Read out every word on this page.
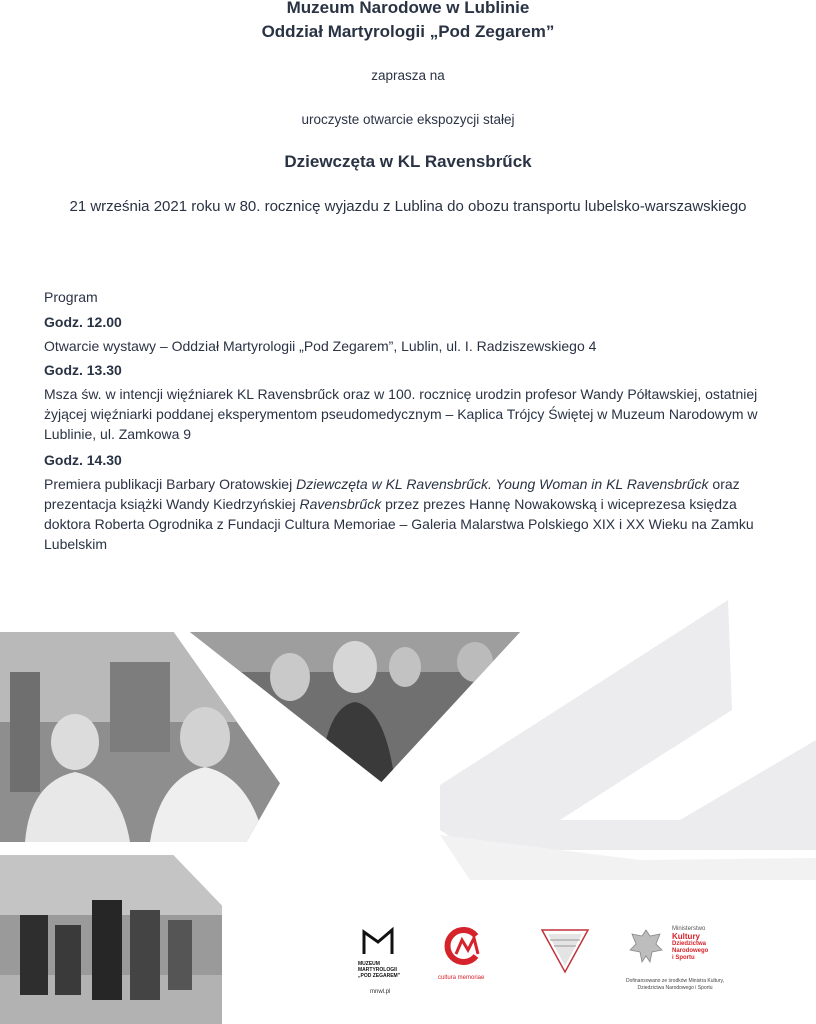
Muzeum Narodowe w Lublinie
Oddział Martyrologii „Pod Zegarem”
zaprasza na
uroczyste otwarcie ekspozycji stałej
Dziewczęta w KL Ravensbrűck
21 września 2021 roku w 80. rocznicę wyjazdu z Lublina do obozu transportu lubelsko-warszawskiego
Program
Godz. 12.00
Otwarcie wystawy – Oddział Martyrologii „Pod Zegarem”, Lublin, ul. I. Radziszewskiego 4
Godz. 13.30
Msza św. w intencji więźniarek KL Ravensbrűck oraz w 100. rocznicę urodzin profesor Wandy Półtawskiej, ostatniej żyjącej więźniarki poddanej eksperymentom pseudomedycznym – Kaplica Trójcy Świętej w Muzeum Narodowym w Lublinie, ul. Zamkowa 9
Godz. 14.30
Premiera publikacji Barbary Oratowskiej Dziewczęta w KL Ravensbrűck. Young Woman in KL Ravensbrűck oraz prezentacja książki Wandy Kiedrzyńskiej Ravensbrűck przez prezes Hannę Nowakowską i wiceprezesa księdza doktora Roberta Ogrodnika z Fundacji Cultura Memoriae – Galeria Malarstwa Polskiego XIX i XX Wieku na Zamku Lubelskim
MUZEUM
MARTYROLOGII
„POD ZEGAREM”
mnwl.pl
cultura memoriae
Ministerstwo
Kultury
Dziedzictwa
Narodowego
i Sportu
Dofinansowano ze środków Ministra Kultury,
Dziedzictwa Narodowego i Sportu
